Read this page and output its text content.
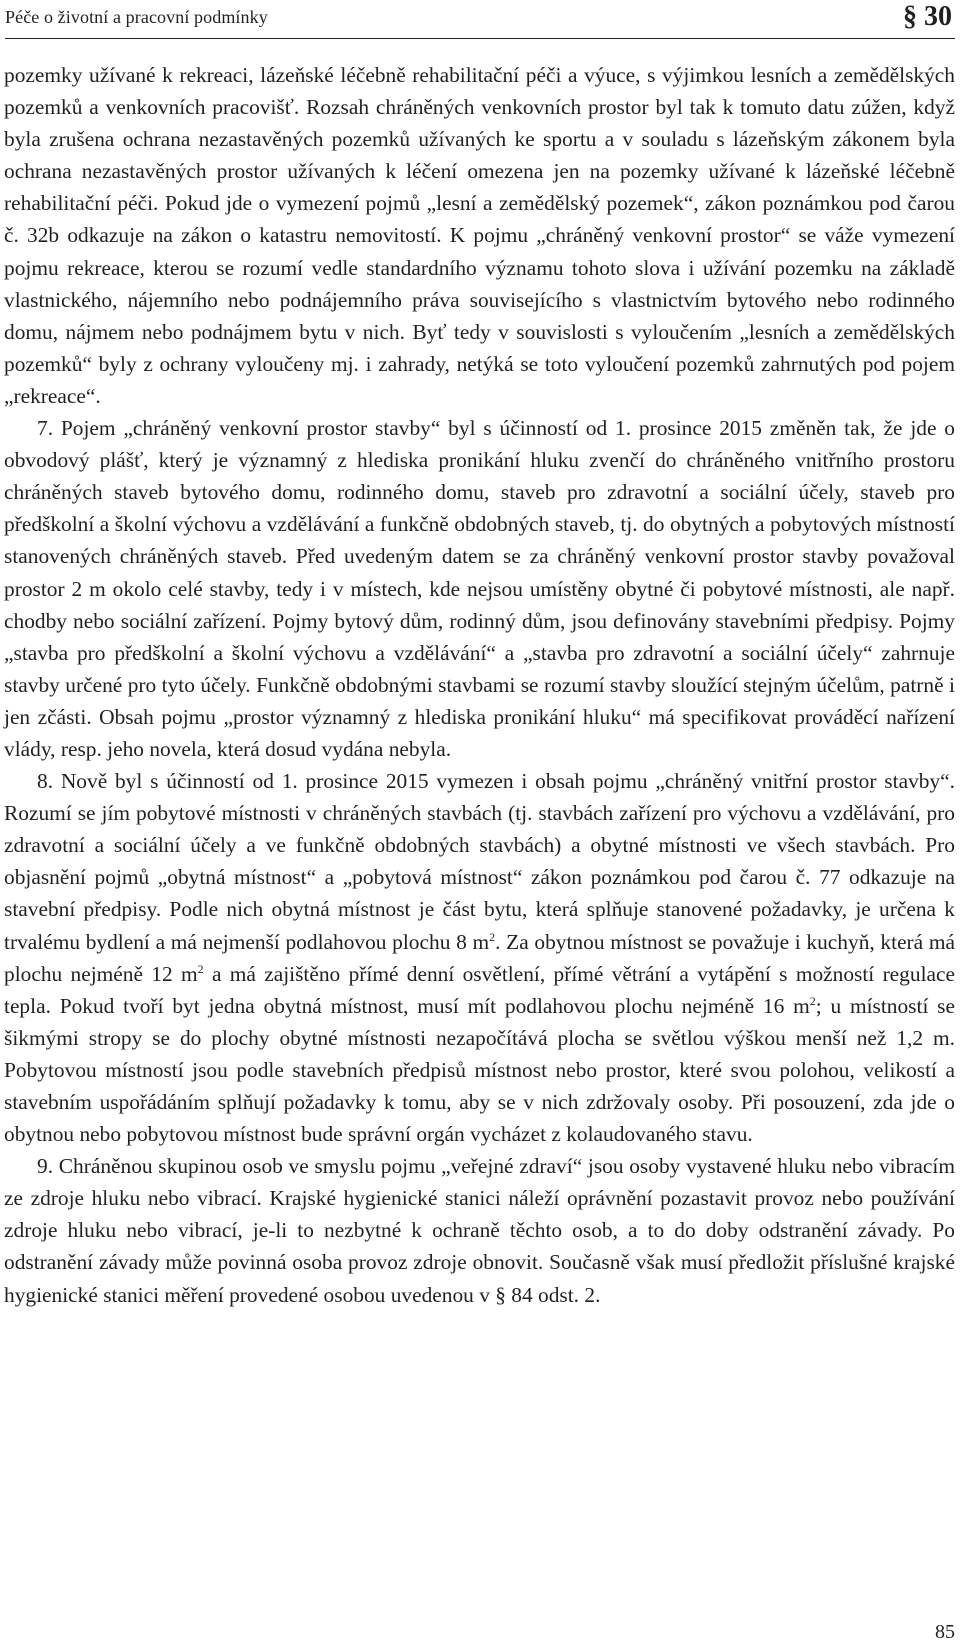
Péče o životní a pracovní podmínky	§ 30

pozemky užívané k rekreaci, lázeňské léčebně rehabilitační péči a výuce, s výjimkou lesních a zemědělských pozemků a venkovních pracovišť. Rozsah chráněných venkovních prostor byl tak k tomuto datu zúžen, když byla zrušena ochrana nezastavěných pozemků užívaných ke sportu a v souladu s lázeňským zákonem byla ochrana nezastavěných prostor užívaných k léčení omezena jen na pozemky užívané k lázeňské léčebně rehabilitační péči. Pokud jde o vymezení pojmů „lesní a zemědělský pozemek“, zákon poznámkou pod čarou č. 32b odkazuje na zákon o katastru nemovitostí. K pojmu „chráněný venkovní prostor“ se váže vymezení pojmu rekreace, kterou se rozumí vedle standardního významu tohoto slova i užívání pozemku na základě vlastnického, nájemního nebo podnájemního práva souvisejícího s vlastnictvím bytového nebo rodinného domu, nájmem nebo podnájmem bytu v nich. Byť tedy v souvislosti s vyloučením „lesních a zemědělských pozemků“ byly z ochrany vyloučeny mj. i zahrady, netýká se toto vyloučení pozemků zahrnutých pod pojem „rekreace“.

7. Pojem „chráněný venkovní prostor stavby“ byl s účinností od 1. prosince 2015 změněn tak, že jde o obvodový plášť, který je významný z hlediska pronikání hluku zvenčí do chráněného vnitřního prostoru chráněných staveb bytového domu, rodinného domu, staveb pro zdravotní a sociální účely, staveb pro předškolní a školní výchovu a vzdělávání a funkčně obdobných staveb, tj. do obytných a pobytových místností stanovených chráněných staveb. Před uvedeným datem se za chráněný venkovní prostor stavby považoval prostor 2 m okolo celé stavby, tedy i v místech, kde nejsou umístěny obytné či pobytové místnosti, ale např. chodby nebo sociální zařízení. Pojmy bytový dům, rodinný dům, jsou definovány stavebními předpisy. Pojmy „stavba pro předškolní a školní výchovu a vzdělávání“ a „stavba pro zdravotní a sociální účely“ zahrnuje stavby určené pro tyto účely. Funkčně obdobnými stavbami se rozumí stavby sloužící stejným účelům, patrně i jen zčásti. Obsah pojmu „prostor významný z hlediska pronikání hluku“ má specifikovat prováděcí nařízení vlády, resp. jeho novela, která dosud vydána nebyla.

8. Nově byl s účinností od 1. prosince 2015 vymezen i obsah pojmu „chráněný vnitřní prostor stavby“. Rozumí se jím pobytové místnosti v chráněných stavbách (tj. stavbách zařízení pro výchovu a vzdělávání, pro zdravotní a sociální účely a ve funkčně obdobných stavbách) a obytné místnosti ve všech stavbách. Pro objasnění pojmů „obytná místnost“ a „pobytová místnost“ zákon poznámkou pod čarou č. 77 odkazuje na stavební předpisy. Podle nich obytná místnost je část bytu, která splňuje stanovené požadavky, je určena k trvalému bydlení a má nejmenší podlahovou plochu 8 $m^2$. Za obytnou místnost se považuje i kuchyň, která má plochu nejméně 12 $m^2$ a má zajištěno přímé denní osvětlení, přímé větrání a vytápění s možností regulace tepla. Pokud tvoří byt jedna obytná místnost, musí mít podlahovou plochu nejméně 16 $m^2$; u místností se šikmými stropy se do plochy obytné místnosti nezapočítává plocha se světlou výškou menší než 1,2 m. Pobytovou místností jsou podle stavebních předpisů místnost nebo prostor, které svou polohou, velikostí a stavebním uspořádáním splňují požadavky k tomu, aby se v nich zdržovaly osoby. Při posouzení, zda jde o obytnou nebo pobytovou místnost bude správní orgán vycházet z kolaudovaného stavu.

9. Chráněnou skupinou osob ve smyslu pojmu „veřejné zdraví“ jsou osoby vystavené hluku nebo vibracím ze zdroje hluku nebo vibrací. Krajské hygienické stanici náleží oprávnění pozastavit provoz nebo používání zdroje hluku nebo vibrací, je-li to nezbytné k ochraně těchto osob, a to do doby odstranění závady. Po odstranění závady může povinná osoba provoz zdroje obnovit. Současně však musí předložit příslušné krajské hygienické stanici měření provedené osobou uvedenou v § 84 odst. 2.

85
